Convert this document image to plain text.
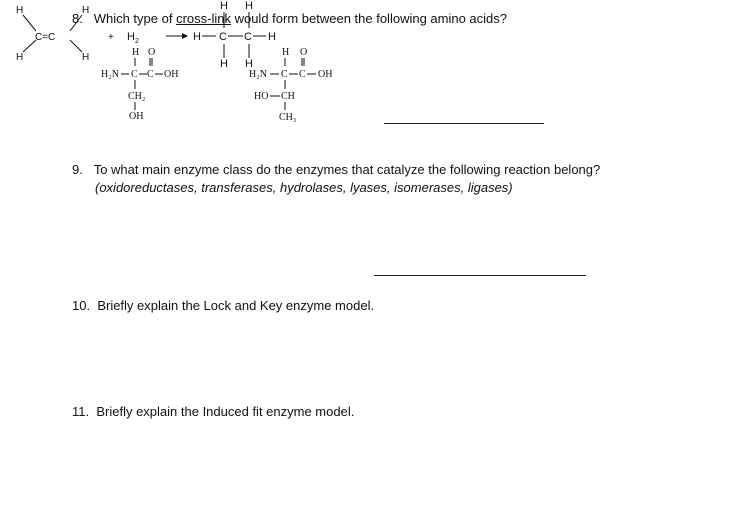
8. Which type of cross-link would form between the following amino acids?
H O
H₂N C C OH
CH₂
OH
H O
H₂N C C OH
HO CH
CH₃
9. To what main enzyme class do the enzymes that catalyze the following reaction belong?
(oxidoreductases, transferases, hydrolases, lyases, isomerases, ligases)
H	H
C=C
H	H
+ $H_2$
H H
H C C H
H H
10. Briefly explain the Lock and Key enzyme model.
11. Briefly explain the Induced fit enzyme model.
